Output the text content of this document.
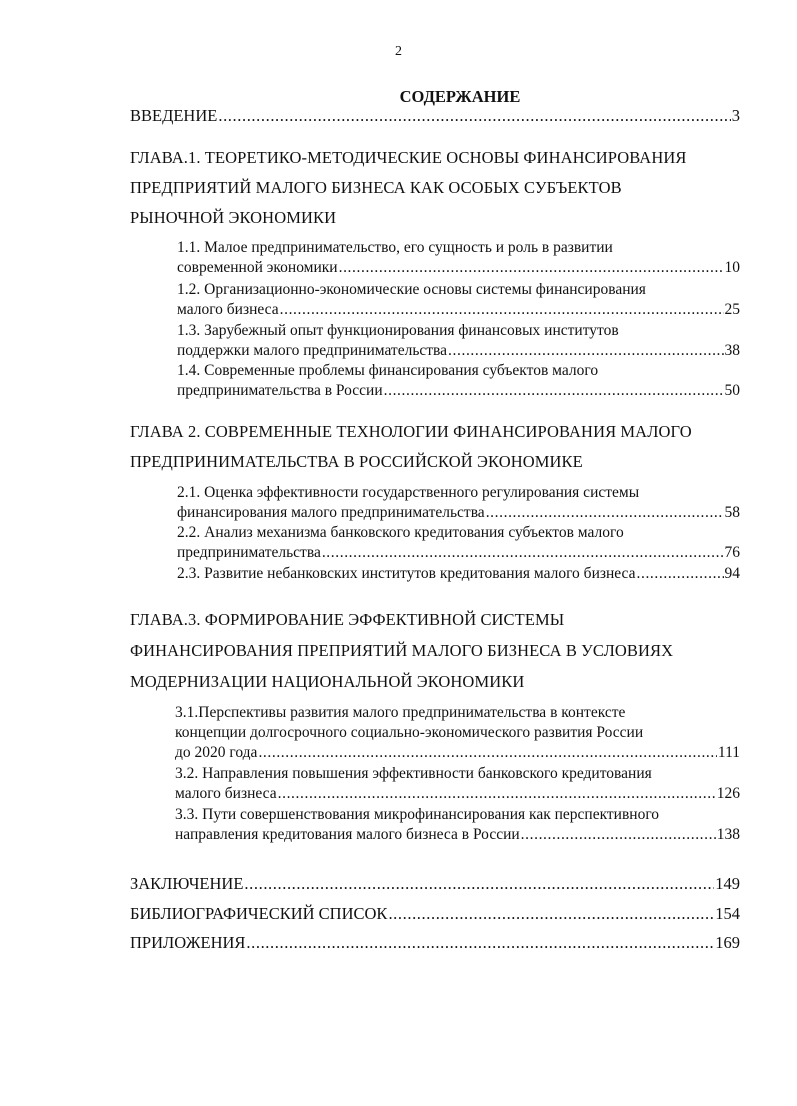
2
СОДЕРЖАНИЕ
ВВЕДЕНИЕ .....	3
ГЛАВА.1. ТЕОРЕТИКО-МЕТОДИЧЕСКИЕ ОСНОВЫ ФИНАНСИРОВАНИЯ
ПРЕДПРИЯТИЙ МАЛОГО БИЗНЕСА КАК ОСОБЫХ СУБЪЕКТОВ
РЫНОЧНОЙ ЭКОНОМИКИ
1.1. Малое предпринимательство, его сущность и роль в развитии
современной экономики .....	10
1.2. Организационно-экономические основы системы финансирования
малого бизнеса .....	25
1.3. Зарубежный опыт функционирования финансовых институтов
поддержки малого предпринимательства .....	38
1.4. Современные проблемы финансирования субъектов малого
предпринимательства в России .....	50
ГЛАВА 2. СОВРЕМЕННЫЕ ТЕХНОЛОГИИ ФИНАНСИРОВАНИЯ МАЛОГО
ПРЕДПРИНИМАТЕЛЬСТВА В РОССИЙСКОЙ ЭКОНОМИКЕ
2.1. Оценка эффективности государственного регулирования системы
финансирования малого предпринимательства .....	58
2.2. Анализ механизма банковского кредитования субъектов малого
предпринимательства .....	76
2.3. Развитие небанковских институтов кредитования малого бизнеса .....	94
ГЛАВА.3. ФОРМИРОВАНИЕ ЭФФЕКТИВНОЙ СИСТЕМЫ
ФИНАНСИРОВАНИЯ ПРЕПРИЯТИЙ МАЛОГО БИЗНЕСА В УСЛОВИЯХ
МОДЕРНИЗАЦИИ НАЦИОНАЛЬНОЙ ЭКОНОМИКИ
3.1.Перспективы развития малого предпринимательства в контексте
концепции долгосрочного социально-экономического развития России
до 2020 года .....	111
3.2. Направления повышения эффективности банковского кредитования
малого бизнеса .....	126
3.3. Пути совершенствования микрофинансирования как перспективного
направления кредитования малого бизнеса в России .....	138
ЗАКЛЮЧЕНИЕ .....	149
БИБЛИОГРАФИЧЕСКИЙ СПИСОК .....	154
ПРИЛОЖЕНИЯ .....	169
